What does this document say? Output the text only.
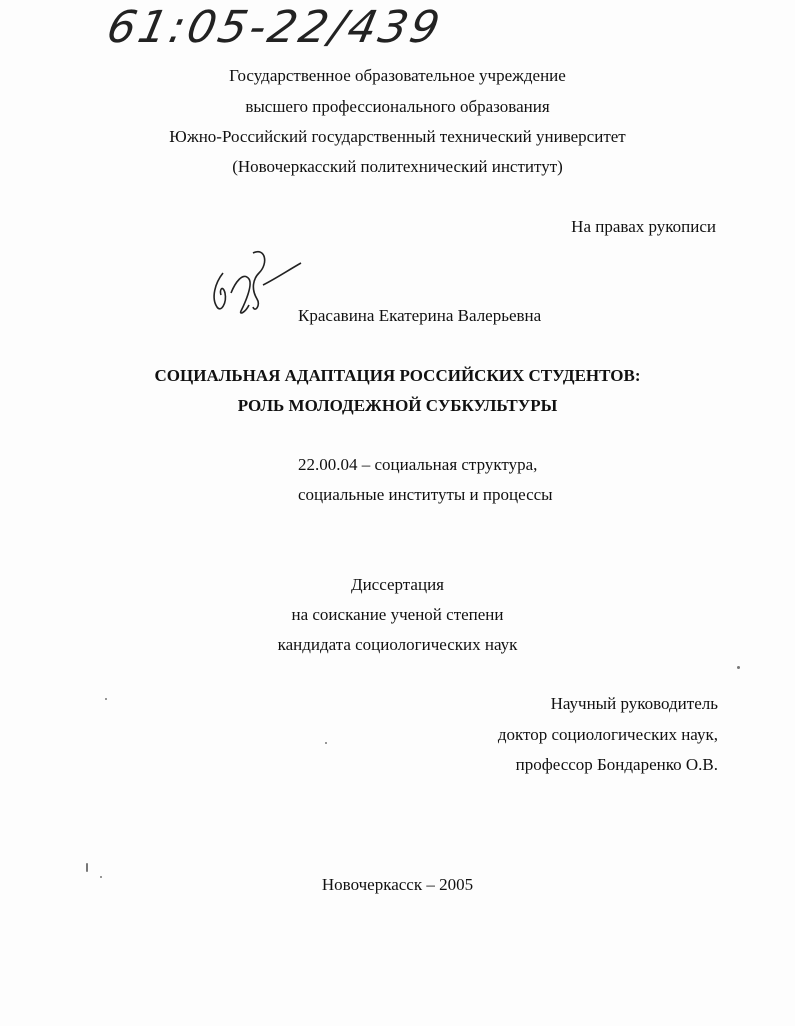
61:05-22/439
Государственное образовательное учреждение
высшего профессионального образования
Южно-Российский государственный технический университет
(Новочеркасский политехнический институт)
На правах рукописи
Красавина Екатерина Валерьевна
СОЦИАЛЬНАЯ АДАПТАЦИЯ РОССИЙСКИХ СТУДЕНТОВ:
РОЛЬ МОЛОДЕЖНОЙ СУБКУЛЬТУРЫ
22.00.04 – социальная структура,
социальные институты и процессы
Диссертация
на соискание ученой степени
кандидата социологических наук
Научный руководитель
доктор социологических наук,
профессор Бондаренко О.В.
Новочеркасск – 2005
